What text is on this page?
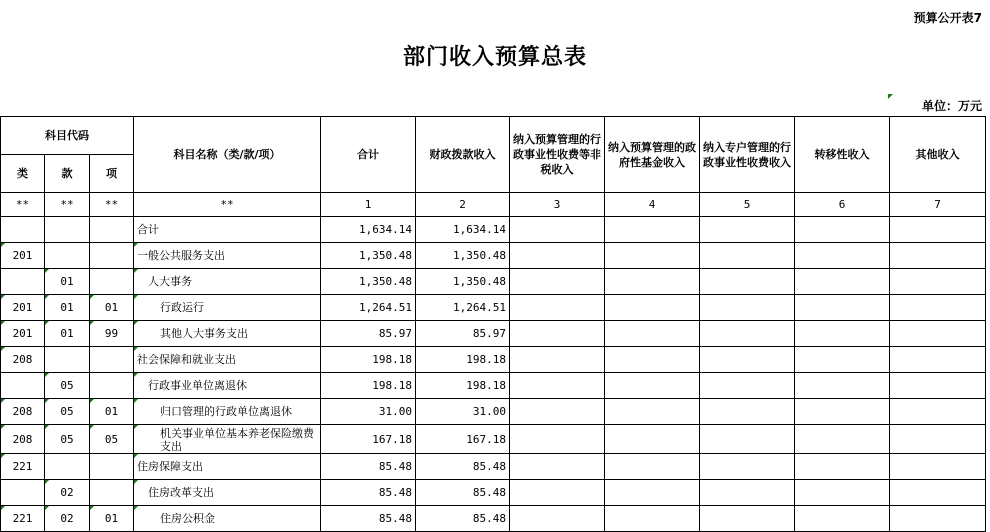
预算公开表7
部门收入预算总表
单位：万元
科目代码			科目名称（类/款/项）	合计	财政拨款收入	纳入预算管理的行政事业性收费等非税收入	纳入预算管理的政府性基金收入	纳入专户管理的行政事业性收费收入	转移性收入	其他收入
类	款	项								
**	**	**	**	1	2	3	4	5	6	7
			合计	1,634.14	1,634.14					
201			一般公共服务支出	1,350.48	1,350.48					
	01		人大事务	1,350.48	1,350.48					
201	01	01	行政运行	1,264.51	1,264.51					
201	01	99	其他人大事务支出	85.97	85.97					
208			社会保障和就业支出	198.18	198.18					
	05		行政事业单位离退休	198.18	198.18					
208	05	01	归口管理的行政单位离退休	31.00	31.00					
208	05	05	机关事业单位基本养老保险缴费支出	167.18	167.18					
221			住房保障支出	85.48	85.48					
	02		住房改革支出	85.48	85.48					
221	02	01	住房公积金	85.48	85.48					
